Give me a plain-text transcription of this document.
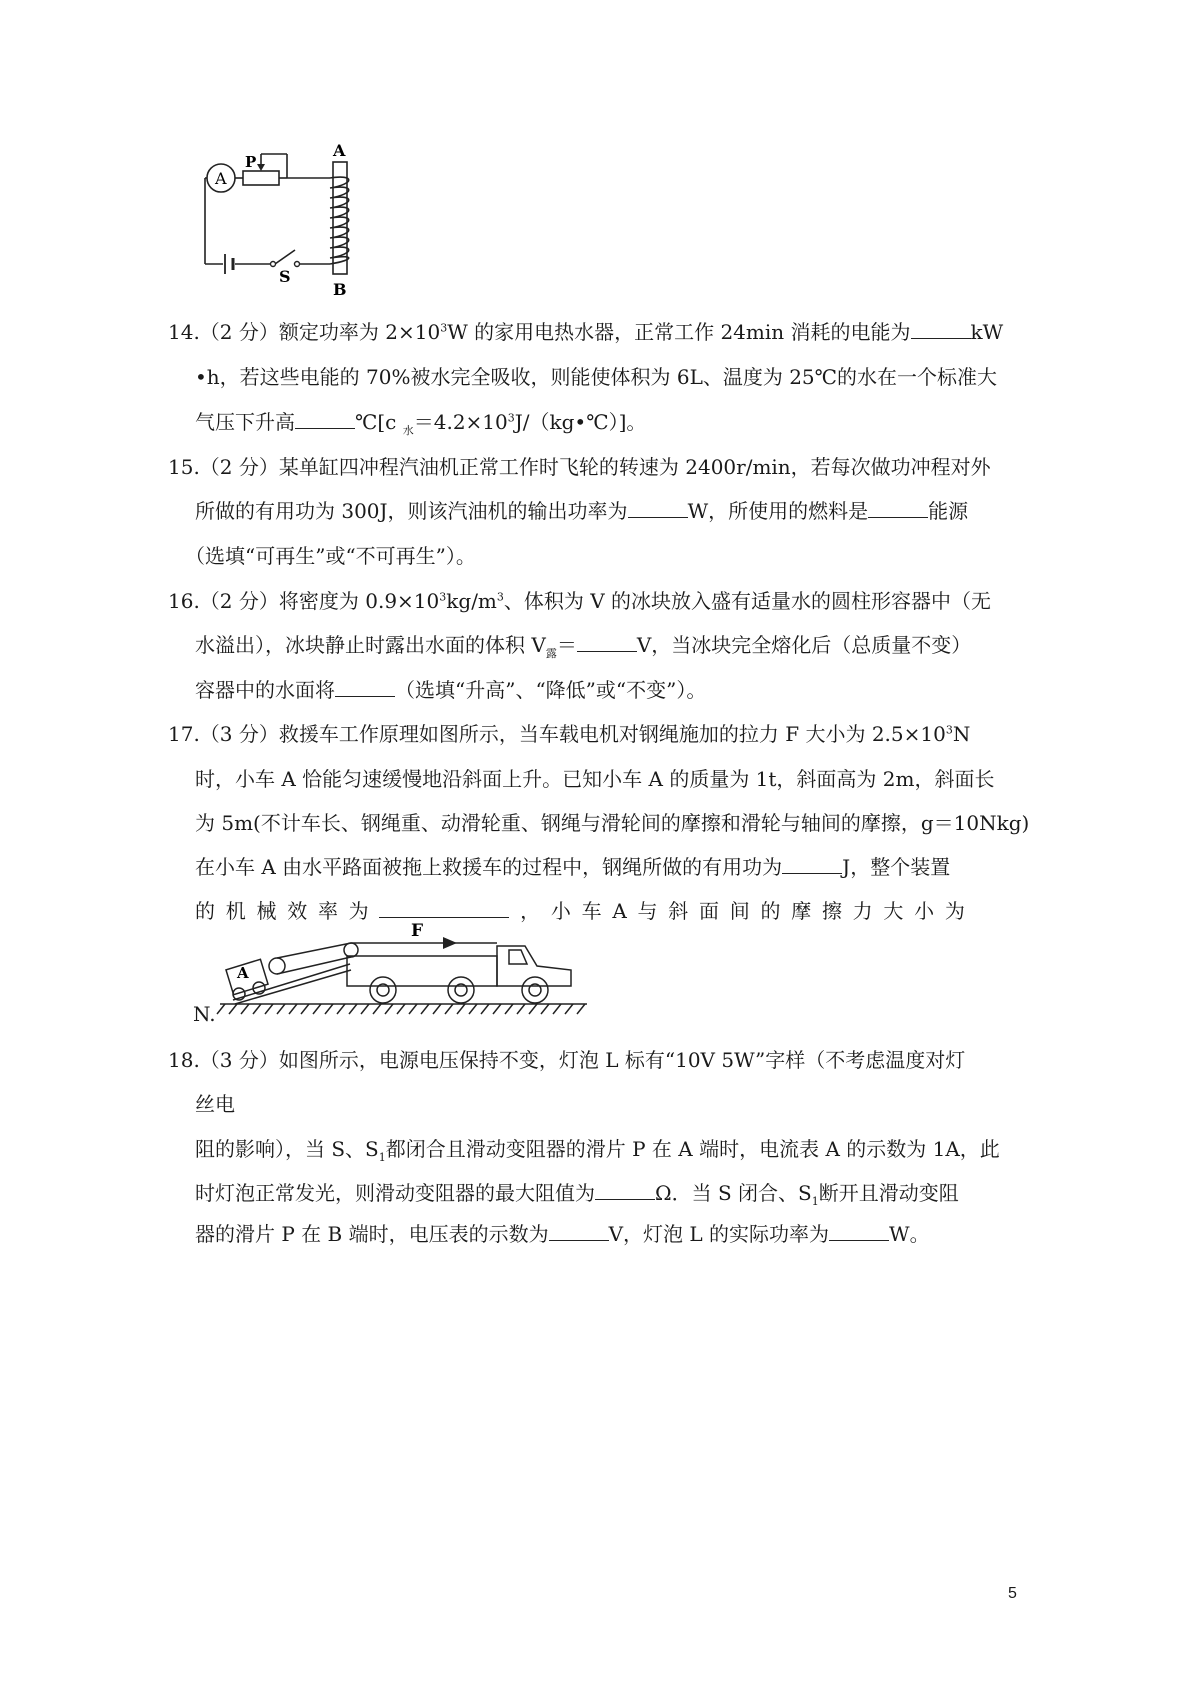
A
P
A
B
S
14.（2 分）额定功率为 $2\times 10^3W$ 的家用电热水器，正常工作 24min 消耗的电能为	kW
•h，若这些电能的 70%被水完全吸收，则能使体积为 6L、温度为 25℃的水在一个标准大
气压下升高	℃[c $_水=4.2\times 10^3J/(kg•℃)$]。
15.（2 分）某单缸四冲程汽油机正常工作时飞轮的转速为 2400r/min，若每次做功冲程对外
所做的有用功为 300J，则该汽油机的输出功率为	W，所使用的燃料是	能源
（选填“可再生”或“不可再生”）。
16.（2 分）将密度为 $0.9\times 10^3kg/m^3$、体积为 V 的冰块放入盛有适量水的圆柱形容器中（无
水溢出），冰块静止时露出水面的体积 $V_露=$	V，当冰块完全熔化后（总质量不变）
容器中的水面将	（选填“升高”、“降低”或“不变”）。
17.（3 分）救援车工作原理如图所示，当车载电机对钢绳施加的拉力 F 大小为 $2.5\times 10^3N$
时，小车 A 恰能匀速缓慢地沿斜面上升。已知小车 A 的质量为 1t，斜面高为 2m，斜面长
为 5m(不计车长、钢绳重、动滑轮重、钢绳与滑轮间的摩擦和滑轮与轴间的摩擦，g＝10Nkg)
在小车 A 由水平路面被拖上救援车的过程中，钢绳所做的有用功为	J，整个装置
的 机 械 效 率 为	， 小 车 A 与 斜 面 间 的 摩 擦 力 大 小 为
F
A
N.
18.（3 分）如图所示，电源电压保持不变，灯泡 L 标有“10V 5W”字样（不考虑温度对灯
丝电
阻的影响），当 S、$S_1$都闭合且滑动变阻器的滑片 P 在 A 端时，电流表 A 的示数为 1A，此
时灯泡正常发光，则滑动变阻器的最大阻值为	Ω．当 S 闭合、$S_1$断开且滑动变阻
器的滑片 P 在 B 端时，电压表的示数为	V，灯泡 L 的实际功率为	W。
5
